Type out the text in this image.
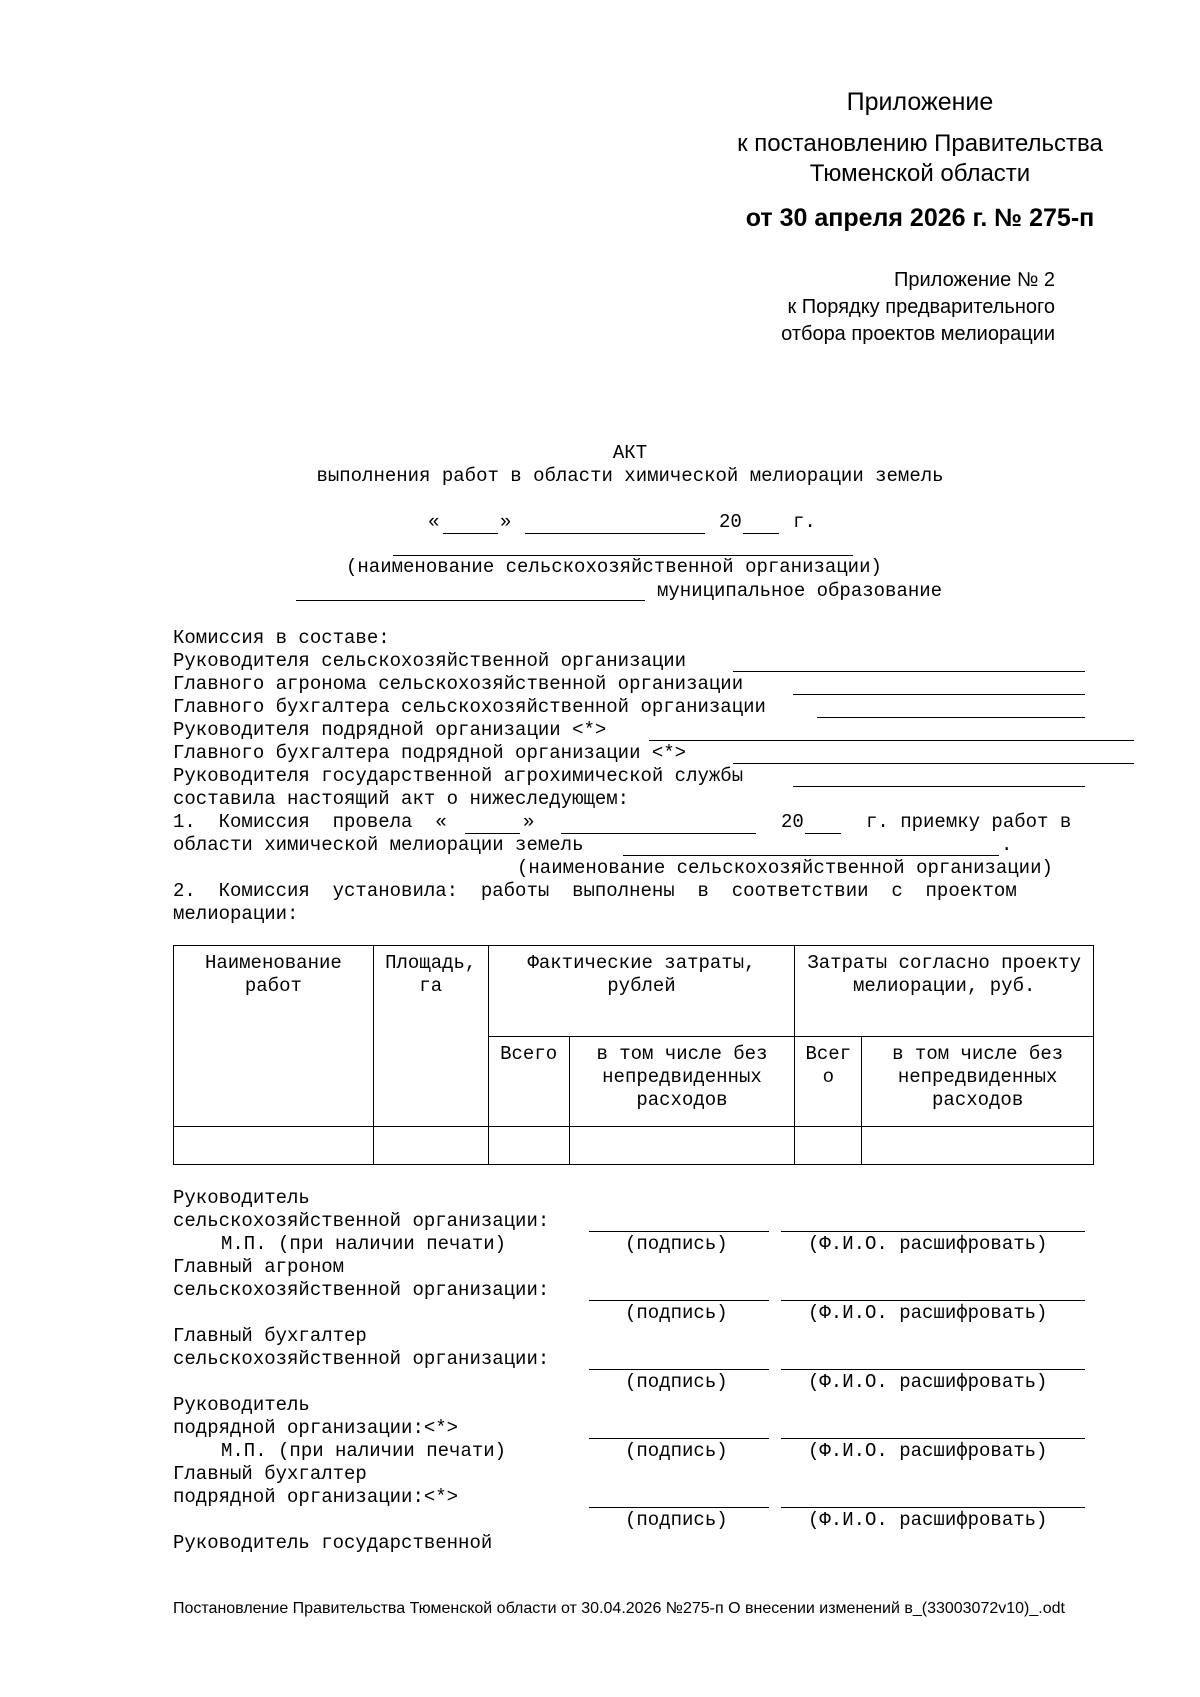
Приложение
к постановлению Правительства
Тюменской области
от 30 апреля 2026 г. № 275-п
Приложение № 2
к Порядку предварительного
отбора проектов мелиорации
АКТ
выполнения работ в области химической мелиорации земель
«	»	20	г.
(наименование сельскохозяйственной организации)
муниципальное образование
Комиссия в составе:
Руководителя сельскохозяйственной организации
Главного агронома сельскохозяйственной организации
Главного бухгалтера сельскохозяйственной организации
Руководителя подрядной организации <*>
Главного бухгалтера подрядной организации <*>
Руководителя государственной агрохимической службы
составила настоящий акт о нижеследующем:
1.  Комиссия  провела  «	»	20	г. приемку работ в
области химической мелиорации земель	.
(наименование сельскохозяйственной организации)
2.  Комиссия  установила:  работы  выполнены  в  соответствии  с  проектом
мелиорации:
Наименование работ	Площадь, га	Фактические затраты, рублей		Затраты согласно проекту мелиорации, руб.	
		Всего	в том числе без непредвиденных расходов	Всег о	в том числе без непредвиденных расходов

Руководитель
сельскохозяйственной организации:
М.П. (при наличии печати)	(подпись)	(Ф.И.О. расшифровать)
Главный агроном
сельскохозяйственной организации:
(подпись)	(Ф.И.О. расшифровать)
Главный бухгалтер
сельскохозяйственной организации:
(подпись)	(Ф.И.О. расшифровать)
Руководитель
подрядной организации:<*>
М.П. (при наличии печати)	(подпись)	(Ф.И.О. расшифровать)
Главный бухгалтер
подрядной организации:<*>
(подпись)	(Ф.И.О. расшифровать)
Руководитель государственной
Постановление Правительства Тюменской области от 30.04.2026 №275-п О внесении изменений в_(33003072v10)_.odt
